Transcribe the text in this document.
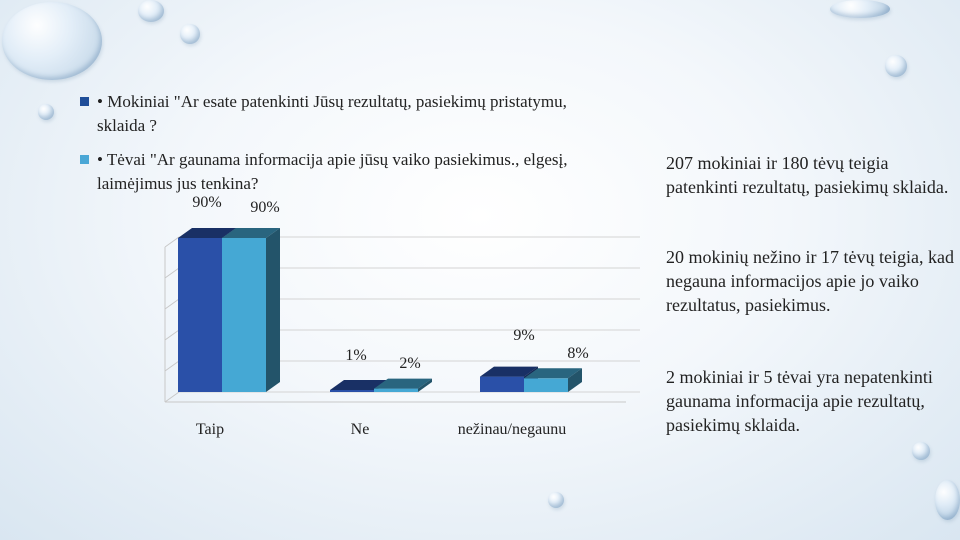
• Mokiniai "Ar esate patenkinti Jūsų rezultatų, pasiekimų pristatymu,
sklaida ?
• Tėvai "Ar gaunama informacija apie jūsų vaiko pasiekimus., elgesį,
laimėjimus jus tenkina?
207 mokiniai ir 180 tėvų teigia patenkinti rezultatų, pasiekimų sklaida.
20 mokinių nežino ir 17 tėvų teigia, kad negauna informacijos apie jo vaiko rezultatus, pasiekimus.
2 mokiniai ir 5 tėvai yra nepatenkinti gaunama informacija apie rezultatų, pasiekimų sklaida.
Taip	Ne	nežinau/negaunu
90%
1%
9%
90%
2%
8%
